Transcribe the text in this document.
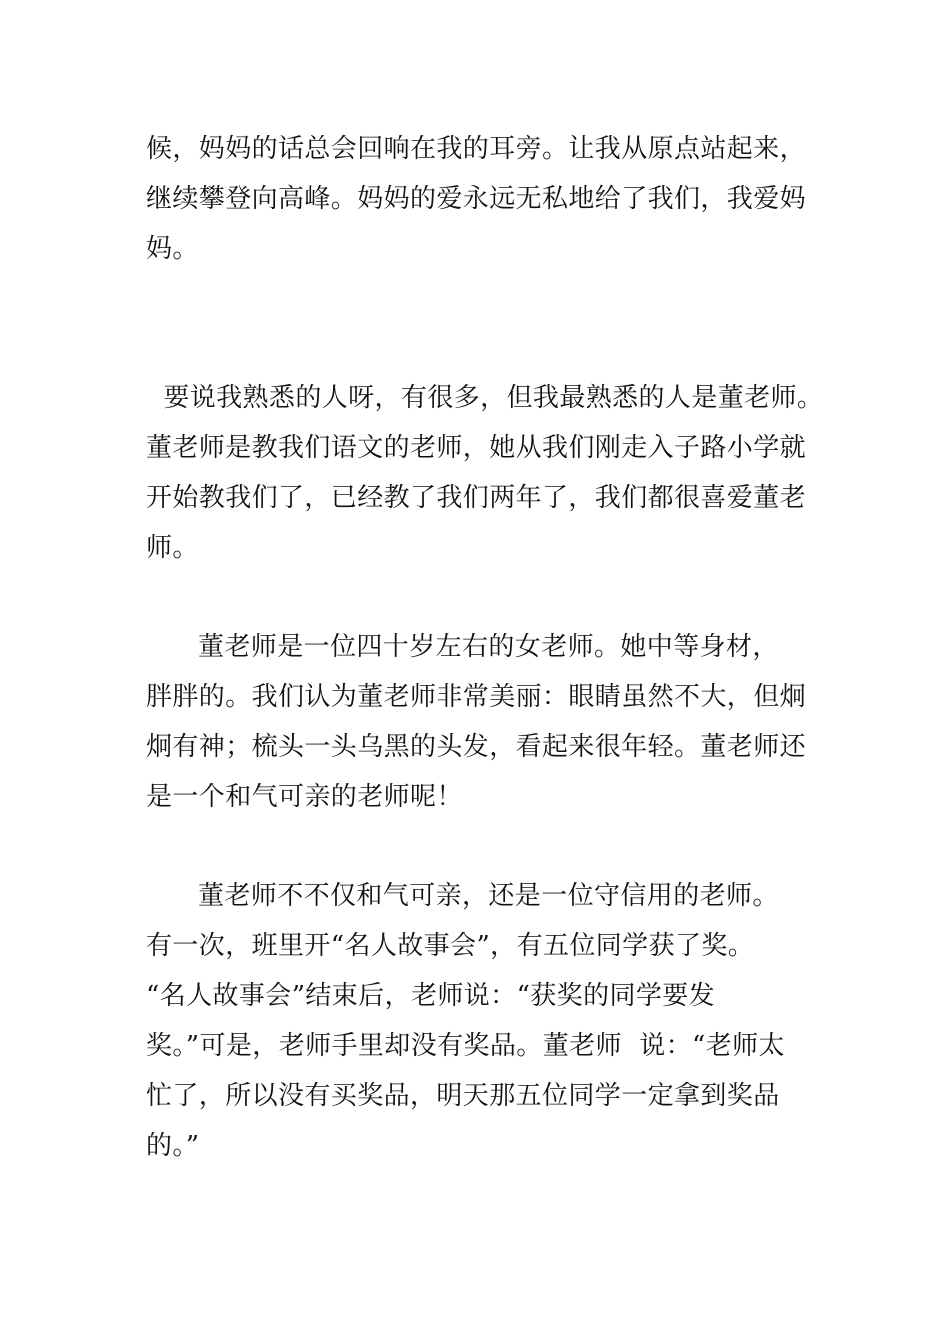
候，妈妈的话总会回响在我的耳旁。让我从原点站起来，
继续攀登向高峰。妈妈的爱永远无私地给了我们，我爱妈
妈。
要说我熟悉的人呀，有很多，但我最熟悉的人是董老师。
董老师是教我们语文的老师，她从我们刚走入子路小学就
开始教我们了，已经教了我们两年了，我们都很喜爱董老
师。
董老师是一位四十岁左右的女老师。她中等身材，
胖胖的。我们认为董老师非常美丽：眼睛虽然不大，但炯
炯有神；梳头一头乌黑的头发，看起来很年轻。董老师还
是一个和气可亲的老师呢！
董老师不不仅和气可亲，还是一位守信用的老师。
有一次，班里开“名人故事会”，有五位同学获了奖。
“名人故事会”结束后，老师说：“获奖的同学要发
奖。”可是，老师手里却没有奖品。董老师  说：“老师太
忙了，所以没有买奖品，明天那五位同学一定拿到奖品
的。”
